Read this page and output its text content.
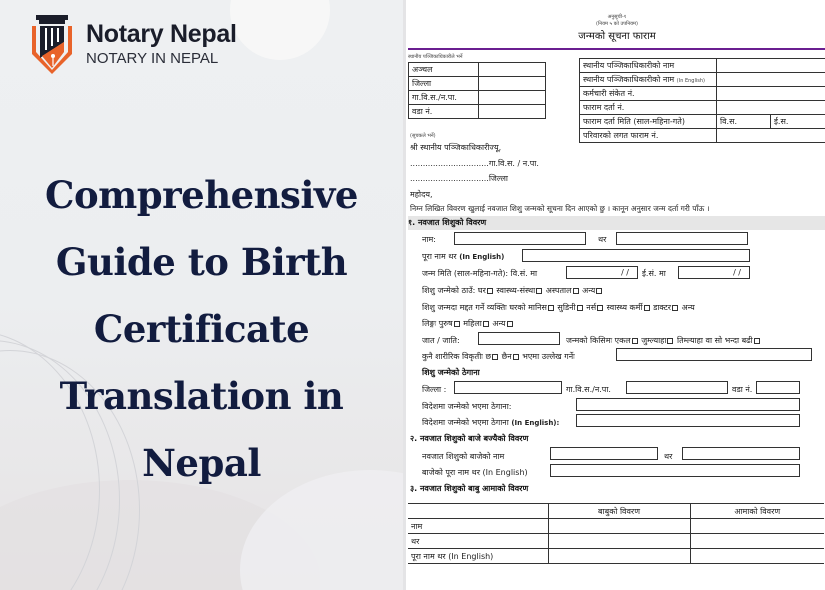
Notary Nepal
NOTARY IN NEPAL
Comprehensive
Guide to Birth
Certificate
Translation in
Nepal
अनुसूची-१
(नियम ५ को उपनियम)
जन्मको सूचना फाराम
स्थानीय पञ्जिकाधिकारीले भर्ने
अञ्चल	
जिल्ला	
गा.वि.स./न.पा.	
वडा नं.	
स्थानीय पञ्जिकाधिकारीको नाम		
स्थानीय पञ्जिकाधिकारीको नाम (In English)		
कर्मचारी संकेत नं.		
फाराम दर्ता नं.		
फाराम दर्ता मिति (साल-महिना-गते)	वि.स.	ई.स.
परिवारको लगत फाराम नं.		
(सूचकले भर्ने)
श्री स्थानीय पञ्जिकाधिकारीज्यू,
...............................गा.वि.स. / न.पा.
...............................जिल्ला
महोदय,
निम्न लिखित विवरण खुलाई नवजात शिशु जन्मको सूचना दिन आएको छु । कानून अनुसार जन्म दर्ता गरी पाँऊ ।
१. नवजात शिशुको विवरण
नाम:	थर
पूरा नाम थर (In English)
जन्म मिति (साल-महिना-गते): वि.सं. मा	/ /	ई.सं. मा	/ /
शिशु जन्मेको ठाउँ: घर स्वास्थ्य-संस्था अस्पताल अन्य
शिशु जन्मदा मद्दत गर्ने व्यक्तिः घरको मानिस सुडिनी नर्स स्वास्थ्य कर्मी डाक्टर अन्य
लिङ्गः पुरुष महिला अन्य
जात / जाति:	जन्मको किसिमः एकल जुम्ल्याहा तिम्ल्याहा वा सो भन्दा बढी
कुनै शारीरिक विकृतीः छ छैन भएमा उल्लेख गर्नेः
शिशु जन्मेको ठेगाना
जिल्ला :	गा.वि.स./न.पा.	वडा नं.
विदेशमा जन्मेको भएमा ठेगाना:
विदेशमा जन्मेको भएमा ठेगाना (In English):
२. नवजात शिशुको बाजे बज्यैको विवरण
नवजात शिशुको बाजेको नाम	थर
बाजेको पूरा नाम थर (In English)
३. नवजात शिशुको बाबु आमाको विवरण
	बाबुको विवरण	आमाको विवरण
नाम		
थर		
पूरा नाम थर (In English)		
